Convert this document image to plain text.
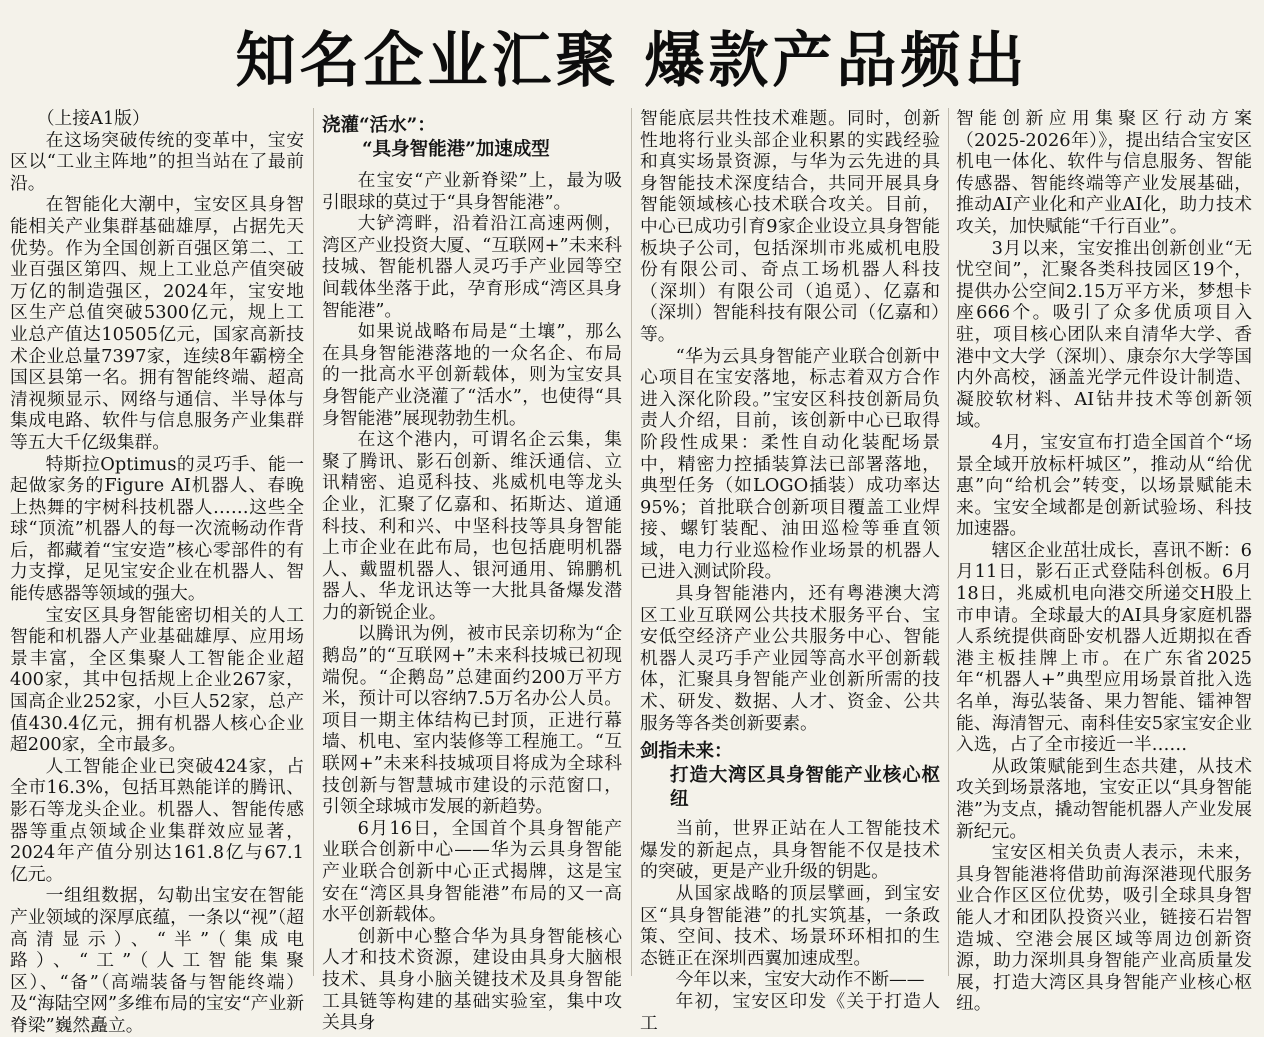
知名企业汇聚 爆款产品频出

（上接A1版）

在这场突破传统的变革中，宝安区以“工业主阵地”的担当站在了最前沿。

在智能化大潮中，宝安区具身智能相关产业集群基础雄厚，占据先天优势。作为全国创新百强区第二、工业百强区第四、规上工业总产值突破万亿的制造强区，2024年，宝安地区生产总值突破5300亿元，规上工业总产值达10505亿元，国家高新技术企业总量7397家，连续8年霸榜全国区县第一名。拥有智能终端、超高清视频显示、网络与通信、半导体与集成电路、软件与信息服务产业集群等五大千亿级集群。

特斯拉Optimus的灵巧手、能一起做家务的Figure AI机器人、春晚上热舞的宇树科技机器人……这些全球“顶流”机器人的每一次流畅动作背后，都藏着“宝安造”核心零部件的有力支撑，足见宝安企业在机器人、智能传感器等领域的强大。

宝安区具身智能密切相关的人工智能和机器人产业基础雄厚、应用场景丰富，全区集聚人工智能企业超400家，其中包括规上企业267家，国高企业252家，小巨人52家，总产值430.4亿元，拥有机器人核心企业超200家，全市最多。

人工智能企业已突破424家，占全市16.3%，包括耳熟能详的腾讯、影石等龙头企业。机器人、智能传感器等重点领域企业集群效应显著，2024年产值分别达161.8亿与67.1亿元。

一组组数据，勾勒出宝安在智能产业领域的深厚底蕴，一条以“视”（超高清显示）、“半”（集成电路）、“工”（人工智能集聚区）、“备”（高端装备与智能终端）及“海陆空网”多维布局的宝安“产业新脊梁”巍然矗立。

浇灌“活水”：

“具身智能港”加速成型

在宝安“产业新脊梁”上，最为吸引眼球的莫过于“具身智能港”。

大铲湾畔，沿着沿江高速两侧，湾区产业投资大厦、“互联网+”未来科技城、智能机器人灵巧手产业园等空间载体坐落于此，孕育形成“湾区具身智能港”。

如果说战略布局是“土壤”，那么在具身智能港落地的一众名企、布局的一批高水平创新载体，则为宝安具身智能产业浇灌了“活水”，也使得“具身智能港”展现勃勃生机。

在这个港内，可谓名企云集，集聚了腾讯、影石创新、维沃通信、立讯精密、追觅科技、兆威机电等龙头企业，汇聚了亿嘉和、拓斯达、道通科技、利和兴、中坚科技等具身智能上市企业在此布局，也包括鹿明机器人、戴盟机器人、银河通用、锦鹏机器人、华龙讯达等一大批具备爆发潜力的新锐企业。

以腾讯为例，被市民亲切称为“企鹅岛”的“互联网+”未来科技城已初现端倪。“企鹅岛”总建面约200万平方米，预计可以容纳7.5万名办公人员。项目一期主体结构已封顶，正进行幕墙、机电、室内装修等工程施工。“互联网+”未来科技城项目将成为全球科技创新与智慧城市建设的示范窗口，引领全球城市发展的新趋势。

6月16日，全国首个具身智能产业联合创新中心——华为云具身智能产业联合创新中心正式揭牌，这是宝安在“湾区具身智能港”布局的又一高水平创新载体。

创新中心整合华为具身智能核心人才和技术资源，建设由具身大脑根技术、具身小脑关键技术及具身智能工具链等构建的基础实验室，集中攻关具身

智能底层共性技术难题。同时，创新性地将行业头部企业积累的实践经验和真实场景资源，与华为云先进的具身智能技术深度结合，共同开展具身智能领域核心技术联合攻关。目前，中心已成功引育9家企业设立具身智能板块子公司，包括深圳市兆威机电股份有限公司、奇点工场机器人科技（深圳）有限公司（追觅）、亿嘉和（深圳）智能科技有限公司（亿嘉和）等。

“华为云具身智能产业联合创新中心项目在宝安落地，标志着双方合作进入深化阶段。”宝安区科技创新局负责人介绍，目前，该创新中心已取得阶段性成果：柔性自动化装配场景中，精密力控插装算法已部署落地，典型任务（如LOGO插装）成功率达95%；首批联合创新项目覆盖工业焊接、螺钉装配、油田巡检等垂直领域，电力行业巡检作业场景的机器人已进入测试阶段。

具身智能港内，还有粤港澳大湾区工业互联网公共技术服务平台、宝安低空经济产业公共服务中心、智能机器人灵巧手产业园等高水平创新载体，汇聚具身智能产业创新所需的技术、研发、数据、人才、资金、公共服务等各类创新要素。

剑指未来：

打造大湾区具身智能产业核心枢纽

当前，世界正站在人工智能技术爆发的新起点，具身智能不仅是技术的突破，更是产业升级的钥匙。

从国家战略的顶层擘画，到宝安区“具身智能港”的扎实筑基，一条政策、空间、技术、场景环环相扣的生态链正在深圳西翼加速成型。

今年以来，宝安大动作不断——

年初，宝安区印发《关于打造人工

智能创新应用集聚区行动方案（2025-2026年）》，提出结合宝安区机电一体化、软件与信息服务、智能传感器、智能终端等产业发展基础，推动AI产业化和产业AI化，助力技术攻关，加快赋能“千行百业”。

3月以来，宝安推出创新创业“无忧空间”，汇聚各类科技园区19个，提供办公空间2.15万平方米，梦想卡座666个。吸引了众多优质项目入驻，项目核心团队来自清华大学、香港中文大学（深圳）、康奈尔大学等国内外高校，涵盖光学元件设计制造、凝胶软材料、AI钻井技术等创新领域。

4月，宝安宣布打造全国首个“场景全域开放标杆城区”，推动从“给优惠”向“给机会”转变，以场景赋能未来。宝安全域都是创新试验场、科技加速器。

辖区企业茁壮成长，喜讯不断：6月11日，影石正式登陆科创板。6月18日，兆威机电向港交所递交H股上市申请。全球最大的AI具身家庭机器人系统提供商卧安机器人近期拟在香港主板挂牌上市。在广东省2025年“机器人+”典型应用场景首批入选名单，海弘装备、果力智能、镭神智能、海清智元、南科佳安5家宝安企业入选，占了全市接近一半……

从政策赋能到生态共建，从技术攻关到场景落地，宝安正以“具身智能港”为支点，撬动智能机器人产业发展新纪元。

宝安区相关负责人表示，未来，具身智能港将借助前海深港现代服务业合作区区位优势，吸引全球具身智能人才和团队投资兴业，链接石岩智造城、空港会展区域等周边创新资源，助力深圳具身智能产业高质量发展，打造大湾区具身智能产业核心枢纽。
